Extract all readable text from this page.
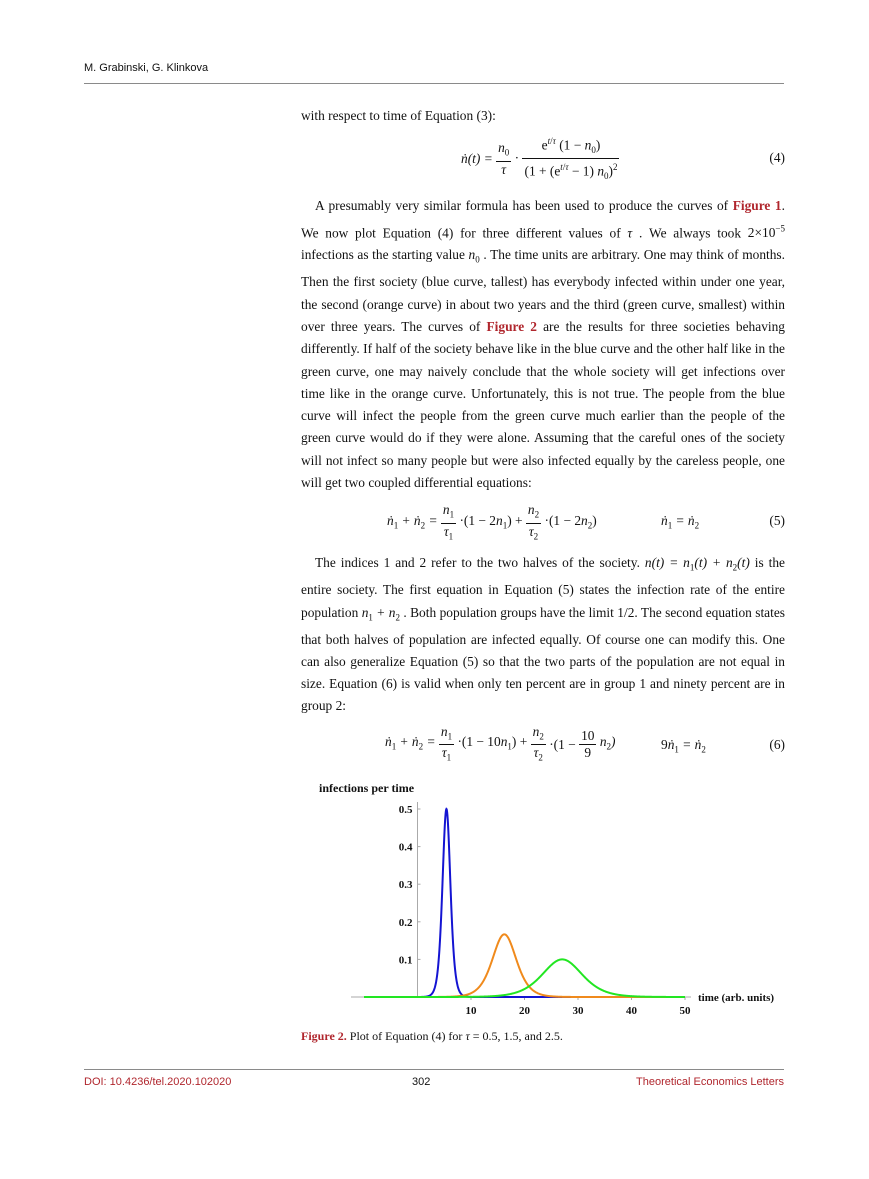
M. Grabinski, G. Klinkova

with respect to time of Equation (3):

ṅ(t) = $\frac{n_0}{\tau} \cdot \frac{e^{t/\tau} (1 - n_0)}{(1 + (e^{t/\tau} - 1) n_0)^2}$	(4)

A presumably very similar formula has been used to produce the curves of Figure 1. We now plot Equation (4) for three different values of τ . We always took $2\times 10^{-5}$ infections as the starting value $n_0$ . The time units are arbitrary. One may think of months. Then the first society (blue curve, tallest) has everybody infected within under one year, the second (orange curve) in about two years and the third (green curve, smallest) within over three years. The curves of Figure 2 are the results for three societies behaving differently. If half of the society behave like in the blue curve and the other half like in the green curve, one may naively conclude that the whole society will get infections over time like in the orange curve. Unfortunately, this is not true. The people from the blue curve will infect the people from the green curve much earlier than the people of the green curve would do if they were alone. Assuming that the careful ones of the society will not infect so many people but were also infected equally by the careless people, one will get two coupled differential equations:

ṅ$_1$ + ṅ$_2$ = $\frac{n_1}{\tau_1} \cdot(1 - 2n_1) + \frac{n_2}{\tau_2} \cdot(1 - 2n_2)$	ṅ$_1$ = ṅ$_2$	(5)

The indices 1 and 2 refer to the two halves of the society. $n(t) = n_1(t) + n_2(t)$ is the entire society. The first equation in Equation (5) states the infection rate of the entire population $n_1 + n_2$ . Both population groups have the limit 1/2. The second equation states that both halves of population are infected equally. Of course one can modify this. One can also generalize Equation (5) so that the two parts of the population are not equal in size. Equation (6) is valid when only ten percent are in group 1 and ninety percent are in group 2:

ṅ$_1$ + ṅ$_2$ = $\frac{n_1}{\tau_1} \cdot(1 - 10n_1) + \frac{n_2}{\tau_2} \cdot(1 - \frac{10}{9} n_2)$	9ṅ$_1$ = ṅ$_2$	(6)
infections per time
time (arb. units)
10	20	30	40	50
0.1
0.2
0.3
0.4
0.5
Figure 2. Plot of Equation (4) for τ = 0.5, 1.5, and 2.5.
DOI: 10.4236/tel.2020.102020	302	Theoretical Economics Letters
